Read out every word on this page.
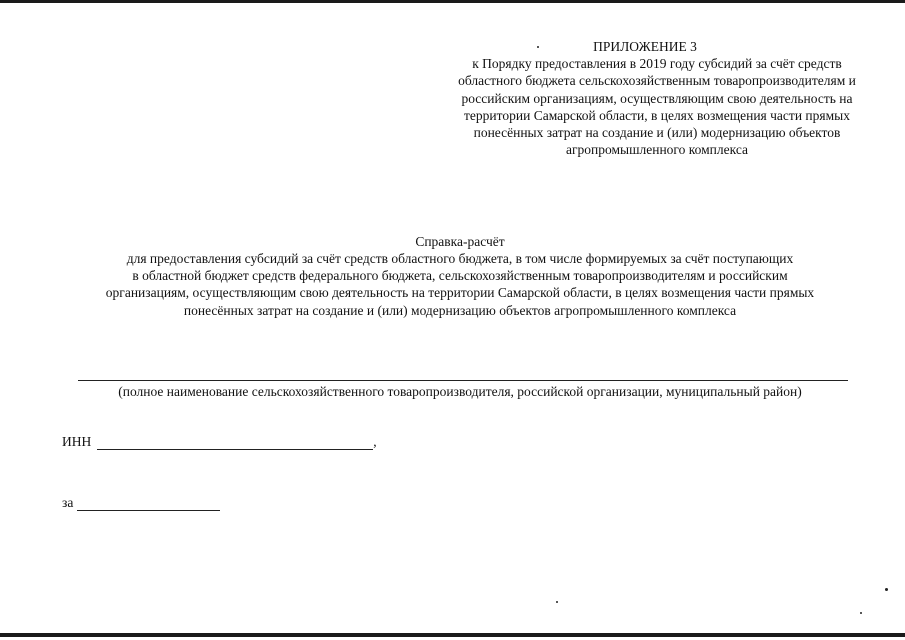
ПРИЛОЖЕНИЕ 3
к Порядку предоставления в 2019 году субсидий за счёт средств
областного бюджета сельскохозяйственным товаропроизводителям и
российским организациям, осуществляющим свою деятельность на
территории Самарской области, в целях возмещения части прямых
понесённых затрат на создание и (или) модернизацию объектов
агропромышленного комплекса
Справка-расчёт
для предоставления субсидий за счёт средств областного бюджета, в том числе формируемых за счёт поступающих
в областной бюджет средств федерального бюджета, сельскохозяйственным товаропроизводителям и российским
организациям, осуществляющим свою деятельность на территории Самарской области, в целях возмещения части прямых
понесённых затрат на создание и (или) модернизацию объектов агропромышленного комплекса
(полное наименование сельскохозяйственного товаропроизводителя, российской организации, муниципальный район)
ИНН	,
за
